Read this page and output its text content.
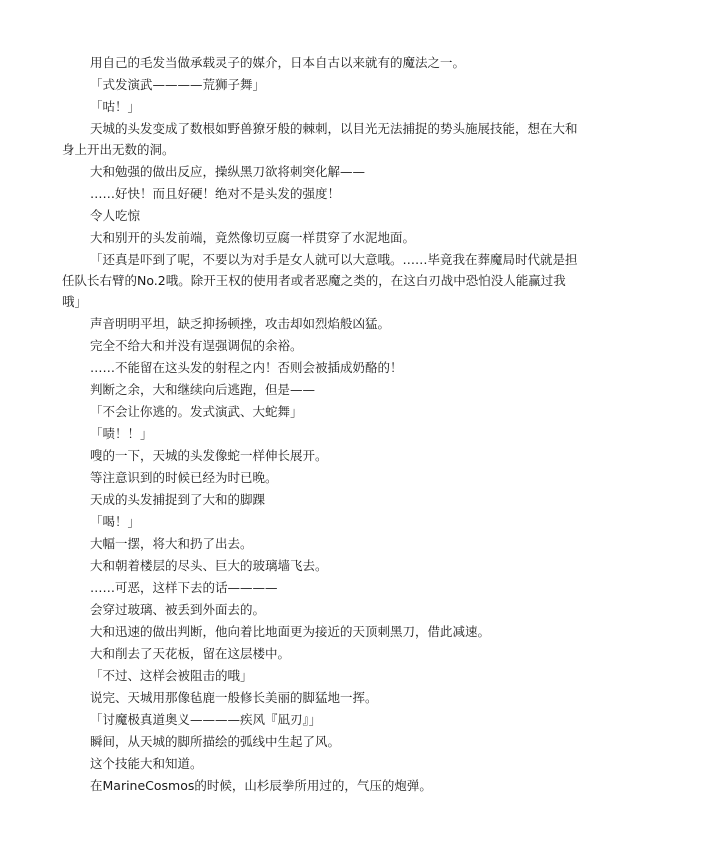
用自己的毛发当做承载灵子的媒介，日本自古以来就有的魔法之一。

「式发演武————荒狮子舞」

「咕！」

天城的头发变成了数根如野兽獠牙般的棘刺，以目光无法捕捉的势头施展技能，想在大和身上开出无数的洞。

大和勉强的做出反应，操纵黑刀欲将刺突化解——

……好快！而且好硬！绝对不是头发的强度！

令人吃惊

大和别开的头发前端，竟然像切豆腐一样贯穿了水泥地面。

「还真是吓到了呢，不要以为对手是女人就可以大意哦。……毕竟我在葬魔局时代就是担任队长右臂的No.2哦。除开王权的使用者或者恶魔之类的，在这白刃战中恐怕没人能赢过我哦」

声音明明平坦，缺乏抑扬顿挫，攻击却如烈焰般凶猛。

完全不给大和并没有逞强调侃的余裕。

……不能留在这头发的射程之内！否则会被插成奶酪的！

判断之余，大和继续向后逃跑，但是——

「不会让你逃的。发式演武、大蛇舞」

「啧！！」

嗖的一下，天城的头发像蛇一样伸长展开。

等注意识到的时候已经为时已晚。

天成的头发捕捉到了大和的脚踝

「喝！」

大幅一摆，将大和扔了出去。

大和朝着楼层的尽头、巨大的玻璃墙飞去。

……可恶，这样下去的话————

会穿过玻璃、被丢到外面去的。

大和迅速的做出判断，他向着比地面更为接近的天顶刺黑刀，借此减速。

大和削去了天花板，留在这层楼中。

「不过、这样会被阻击的哦」

说完、天城用那像毡鹿一般修长美丽的脚猛地一挥。

「讨魔极真道奥义————疾风『凪刃』」

瞬间，从天城的脚所描绘的弧线中生起了风。

这个技能大和知道。

在MarineCosmos的时候，山杉辰拳所用过的，气压的炮弹。
